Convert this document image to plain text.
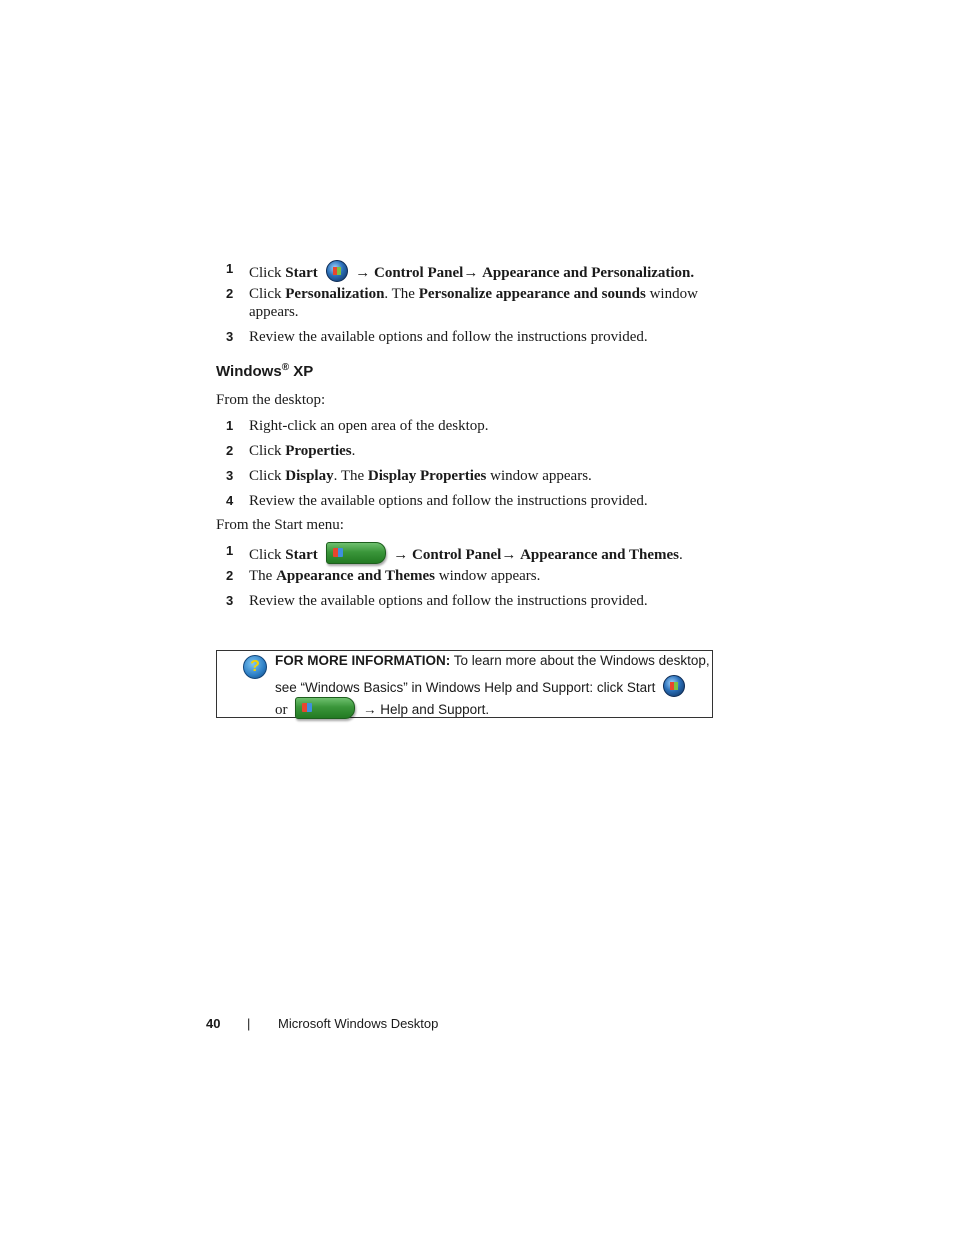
1 Click Start
→ Control Panel→ Appearance and Personalization.
2 Click Personalization. The Personalize appearance and sounds window
appears.
3 Review the available options and follow the instructions provided.
Windows® XP
From the desktop:
1 Right-click an open area of the desktop.
2 Click Properties.
3 Click Display. The Display Properties window appears.
4 Review the available options and follow the instructions provided.
From the Start menu:
1 Click Start	→ Control Panel→ Appearance and Themes.
2 The Appearance and Themes window appears.
3 Review the available options and follow the instructions provided.
?	FOR MORE INFORMATION: To learn more about the Windows desktop,
see “Windows Basics” in Windows Help and Support: click Start
or	→ Help and Support.
40 | Microsoft Windows Desktop
